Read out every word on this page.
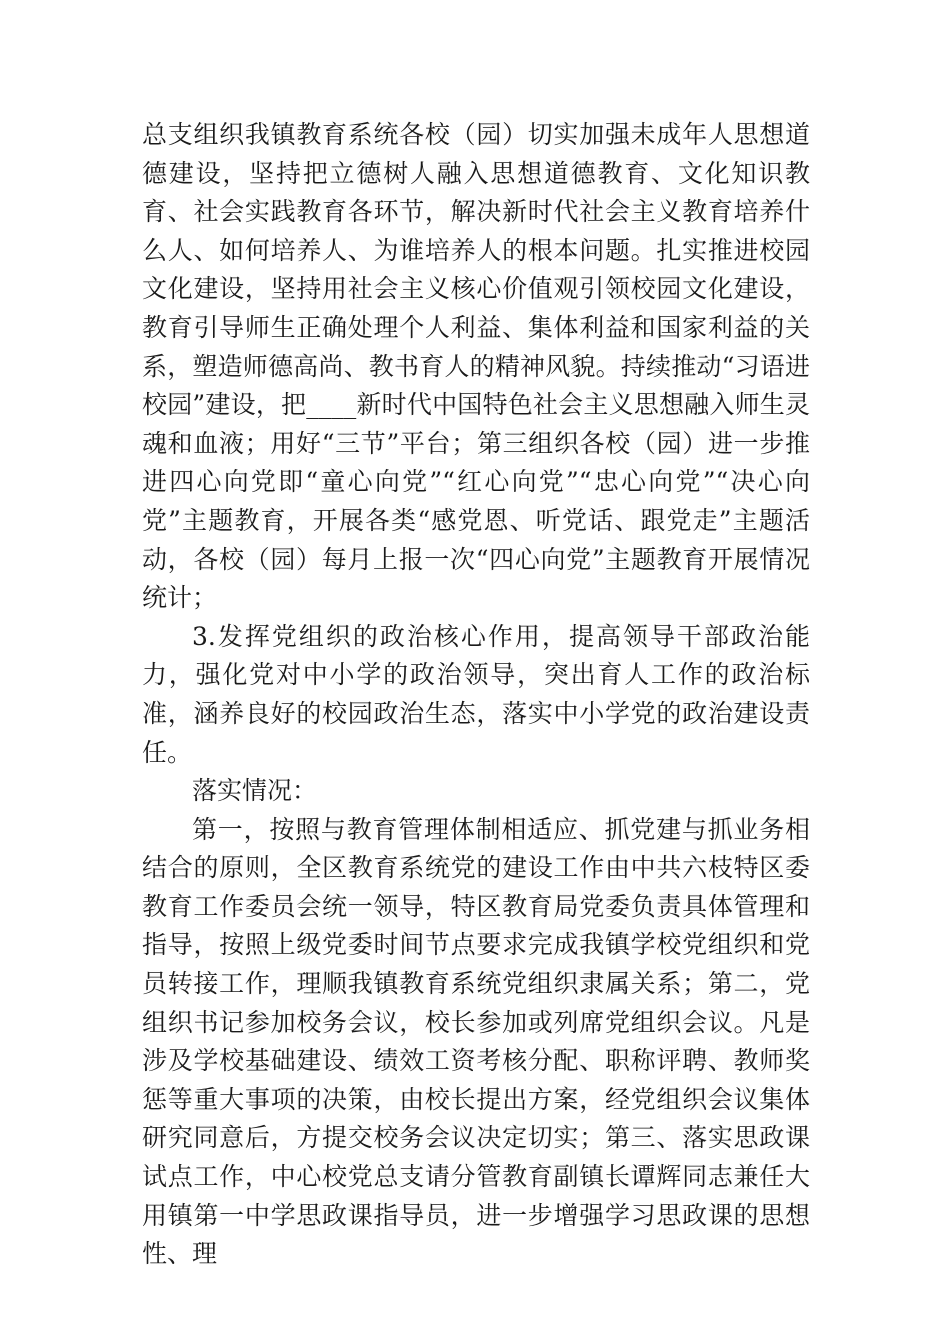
总支组织我镇教育系统各校（园）切实加强未成年人思想道德建设，坚持把立德树人融入思想道德教育、文化知识教育、社会实践教育各环节，解决新时代社会主义教育培养什么人、如何培养人、为谁培养人的根本问题。扎实推进校园文化建设，坚持用社会主义核心价值观引领校园文化建设，教育引导师生正确处理个人利益、集体利益和国家利益的关系，塑造师德高尚、教书育人的精神风貌。持续推动“习语进校园”建设，把____新时代中国特色社会主义思想融入师生灵魂和血液；用好“三节”平台；第三组织各校（园）进一步推进四心向党即“童心向党”“红心向党”“忠心向党”“决心向党”主题教育，开展各类“感党恩、听党话、跟党走”主题活动，各校（园）每月上报一次“四心向党”主题教育开展情况统计；

3.发挥党组织的政治核心作用，提高领导干部政治能力，强化党对中小学的政治领导，突出育人工作的政治标准，涵养良好的校园政治生态，落实中小学党的政治建设责任。

落实情况：

第一，按照与教育管理体制相适应、抓党建与抓业务相结合的原则，全区教育系统党的建设工作由中共六枝特区委教育工作委员会统一领导，特区教育局党委负责具体管理和指导，按照上级党委时间节点要求完成我镇学校党组织和党员转接工作，理顺我镇教育系统党组织隶属关系；第二，党组织书记参加校务会议，校长参加或列席党组织会议。凡是涉及学校基础建设、绩效工资考核分配、职称评聘、教师奖惩等重大事项的决策，由校长提出方案，经党组织会议集体研究同意后，方提交校务会议决定切实；第三、落实思政课试点工作，中心校党总支请分管教育副镇长谭辉同志兼任大用镇第一中学思政课指导员，进一步增强学习思政课的思想性、理
